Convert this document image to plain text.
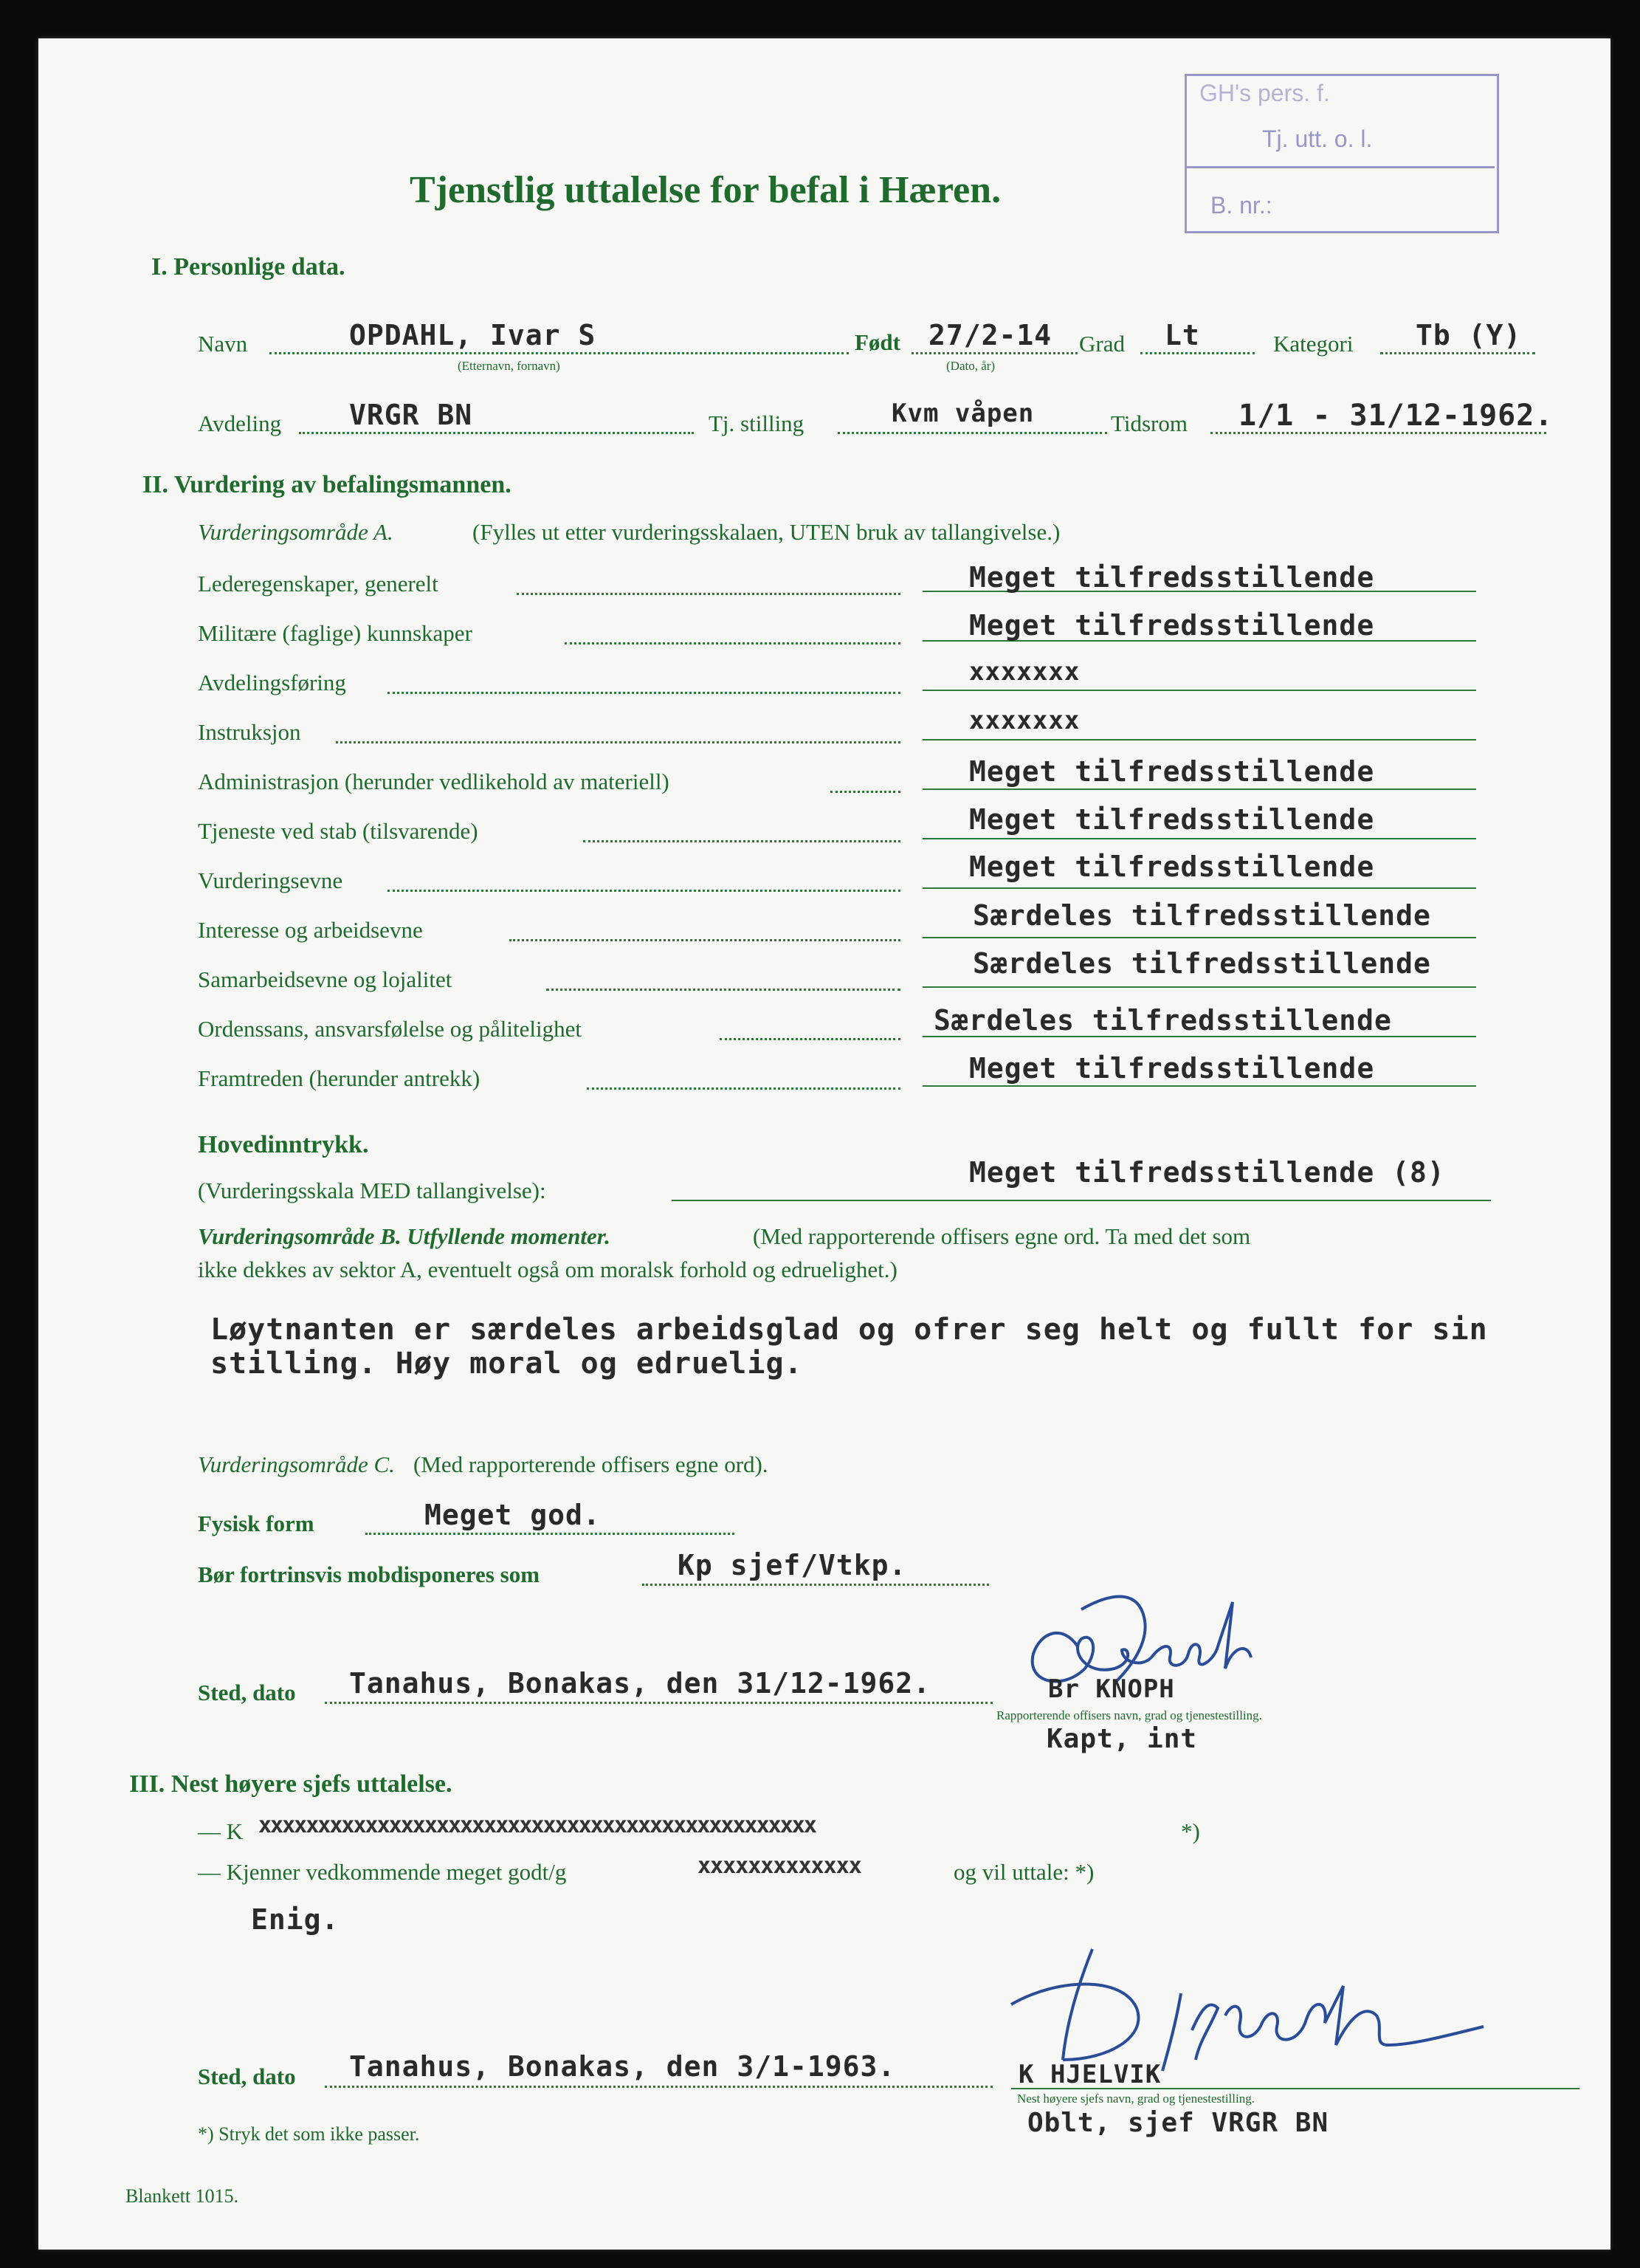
GH's pers. f.
Tj. utt. o. l.
B. nr.:
Tjenstlig uttalelse for befal i Hæren.
I. Personlige data.
Navn	OPDAHL, Ivar S
(Etternavn, fornavn)
Født 27/2-14
(Dato, år)
Grad Lt	Kategori Tb (Y)
Avdeling VRGR BN	Tj. stilling	Kvm våpen	Tidsrom 1/1 - 31/12-1962.
II. Vurdering av befalingsmannen.
Vurderingsområde A.	(Fylles ut etter vurderingsskalaen, UTEN bruk av tallangivelse.)
Lederegenskaper, generelt	Meget tilfredsstillende
Militære (faglige) kunnskaper	Meget tilfredsstillende
Avdelingsføring	xxxxxxx
Instruksjon	xxxxxxx
Administrasjon (herunder vedlikehold av materiell)	Meget tilfredsstillende
Tjeneste ved stab (tilsvarende)	Meget tilfredsstillende
Vurderingsevne	Meget tilfredsstillende
Interesse og arbeidsevne	Særdeles tilfredsstillende
Samarbeidsevne og lojalitet	Særdeles tilfredsstillende
Ordenssans, ansvarsfølelse og pålitelighet	Særdeles tilfredsstillende
Framtreden (herunder antrekk)	Meget tilfredsstillende
Hovedinntrykk.
(Vurderingsskala MED tallangivelse):
Meget tilfredsstillende (8)
Vurderingsområde B. Utfyllende momenter.	(Med rapporterende offisers egne ord. Ta med det som
ikke dekkes av sektor A, eventuelt også om moralsk forhold og edruelighet.)
Løytnanten er særdeles arbeidsglad og ofrer seg helt og fullt for sin
stilling. Høy moral og edruelig.
Vurderingsområde C. (Med rapporterende offisers egne ord).
Fysisk form	Meget god.
Bør fortrinsvis mobdisponeres som	Kp sjef/Vtkp.
Sted, dato Tanahus, Bonakas, den 31/12-1962.	Br KNOPH
Rapporterende offisers navn, grad og tjenestestilling.
Kapt, int
III. Nest høyere sjefs uttalelse.
— K xxxxxxxxxxxxxxxxxxxxxxxxxxxxxxxxxxxxxxxxxxxxxxx	*)
— Kjenner vedkommende meget godt/g	xxxxxxxxxxxxx	og vil uttale: *)
Enig.
Sted, dato Tanahus, Bonakas, den 3/1-1963.	K HJELVIK
Nest høyere sjefs navn, grad og tjenestestilling.
Oblt, sjef VRGR BN
*) Stryk det som ikke passer.
Blankett 1015.
